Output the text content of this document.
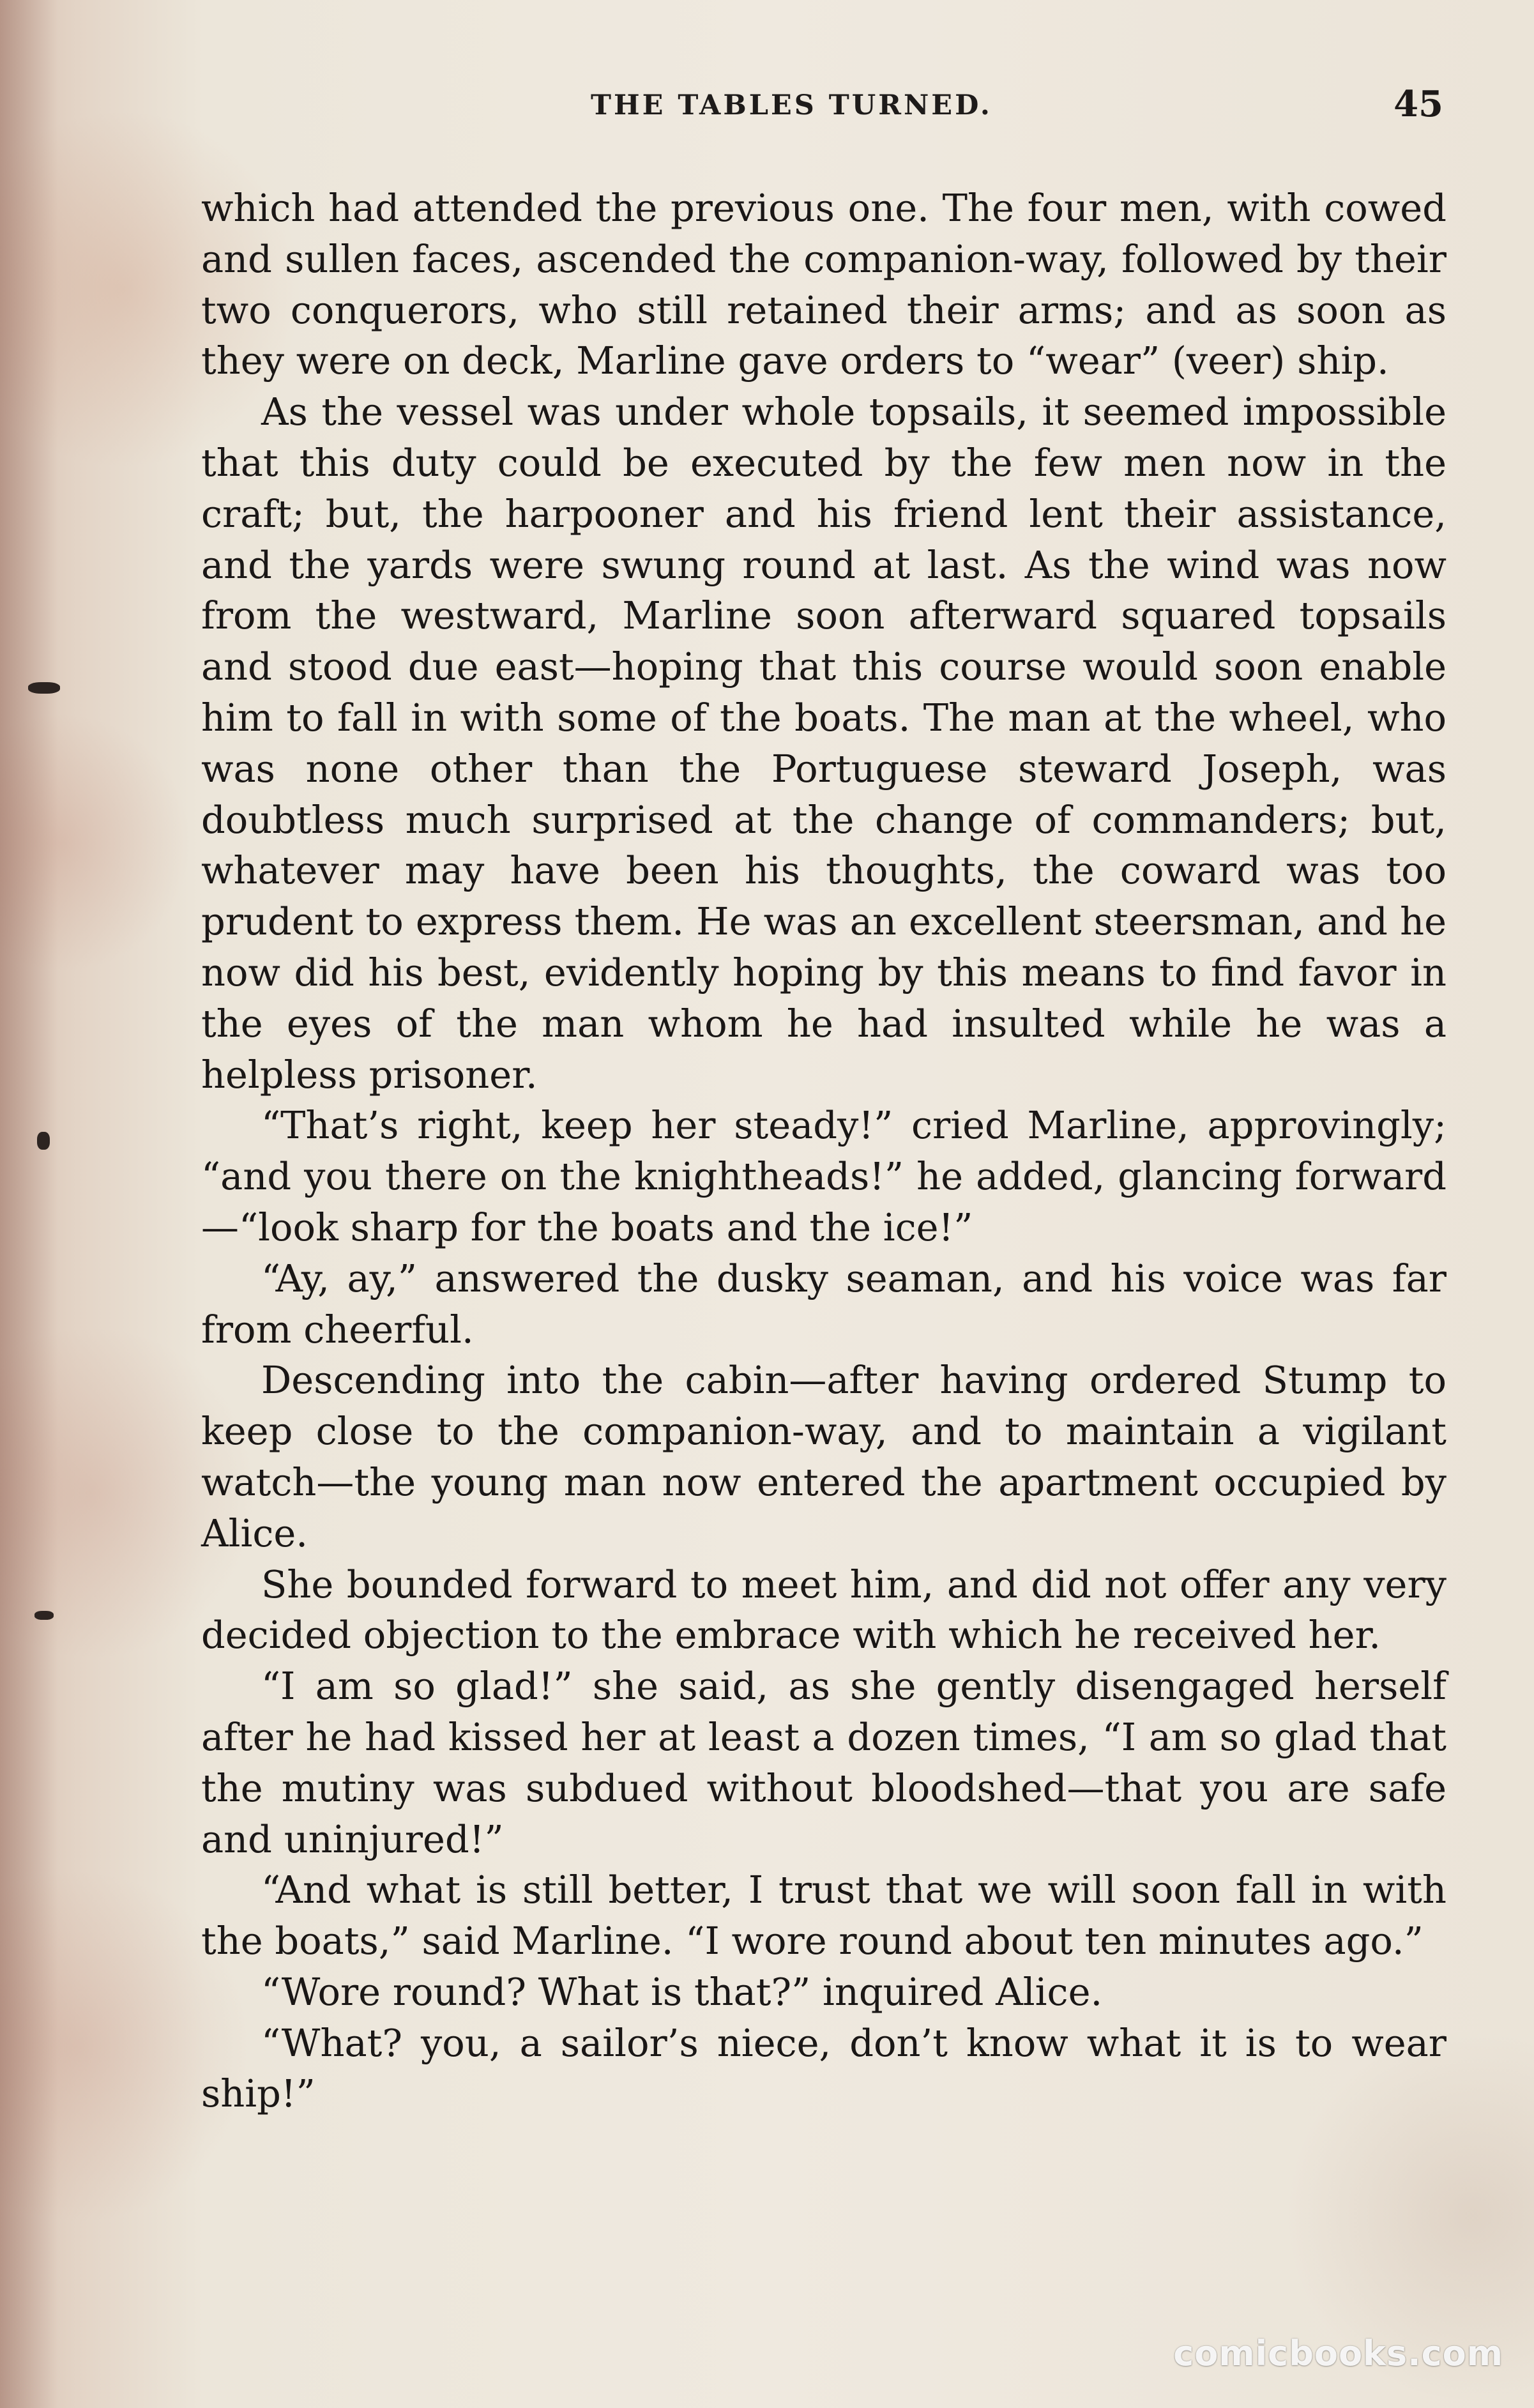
THE TABLES TURNED.	45

which had attended the previous one. The four men, with cowed and sullen faces, ascended the companion-way, followed by their two conquerors, who still retained their arms; and as soon as they were on deck, Marline gave orders to “wear” (veer) ship.

As the vessel was under whole topsails, it seemed impossible that this duty could be executed by the few men now in the craft; but, the harpooner and his friend lent their assistance, and the yards were swung round at last. As the wind was now from the westward, Marline soon afterward squared topsails and stood due east—hoping that this course would soon enable him to fall in with some of the boats. The man at the wheel, who was none other than the Portuguese steward Joseph, was doubtless much surprised at the change of commanders; but, whatever may have been his thoughts, the coward was too prudent to express them. He was an excellent steersman, and he now did his best, evidently hoping by this means to find favor in the eyes of the man whom he had insulted while he was a helpless prisoner.

“That’s right, keep her steady!” cried Marline, approvingly; “and you there on the knightheads!” he added, glancing forward—“look sharp for the boats and the ice!”

“Ay, ay,” answered the dusky seaman, and his voice was far from cheerful.

Descending into the cabin—after having ordered Stump to keep close to the companion-way, and to maintain a vigilant watch—the young man now entered the apartment occupied by Alice.

She bounded forward to meet him, and did not offer any very decided objection to the embrace with which he received her.

“I am so glad!” she said, as she gently disengaged herself after he had kissed her at least a dozen times, “I am so glad that the mutiny was subdued without bloodshed—that you are safe and uninjured!”

“And what is still better, I trust that we will soon fall in with the boats,” said Marline. “I wore round about ten minutes ago.”

“Wore round? What is that?” inquired Alice.

“What? you, a sailor’s niece, don’t know what it is to wear ship!”

comicbooks.com
